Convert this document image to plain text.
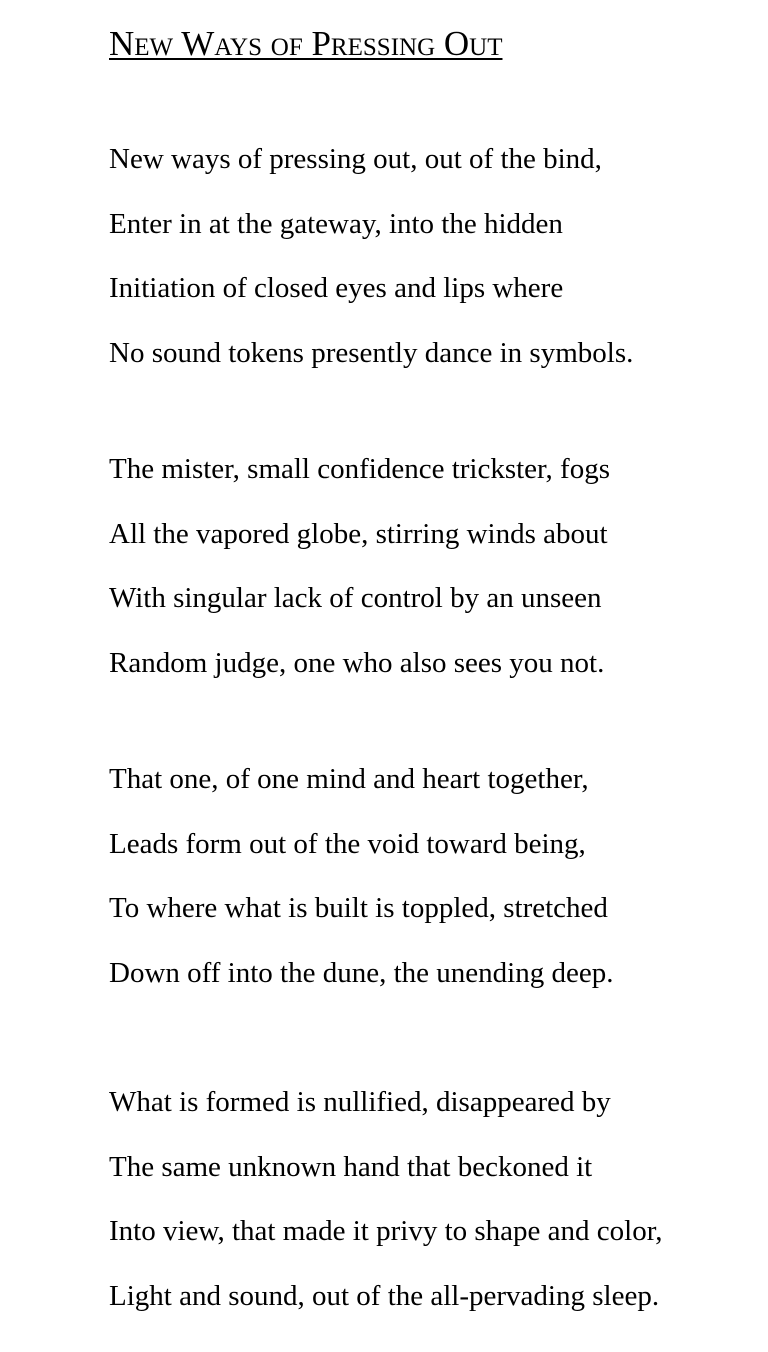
New Ways of Pressing Out
New ways of pressing out, out of the bind,
Enter in at the gateway, into the hidden
Initiation of closed eyes and lips where
No sound tokens presently dance in symbols.
The mister, small confidence trickster, fogs
All the vapored globe, stirring winds about
With singular lack of control by an unseen
Random judge, one who also sees you not.
That one, of one mind and heart together,
Leads form out of the void toward being,
To where what is built is toppled, stretched
Down off into the dune, the unending deep.
What is formed is nullified, disappeared by
The same unknown hand that beckoned it
Into view, that made it privy to shape and color,
Light and sound, out of the all-pervading sleep.
